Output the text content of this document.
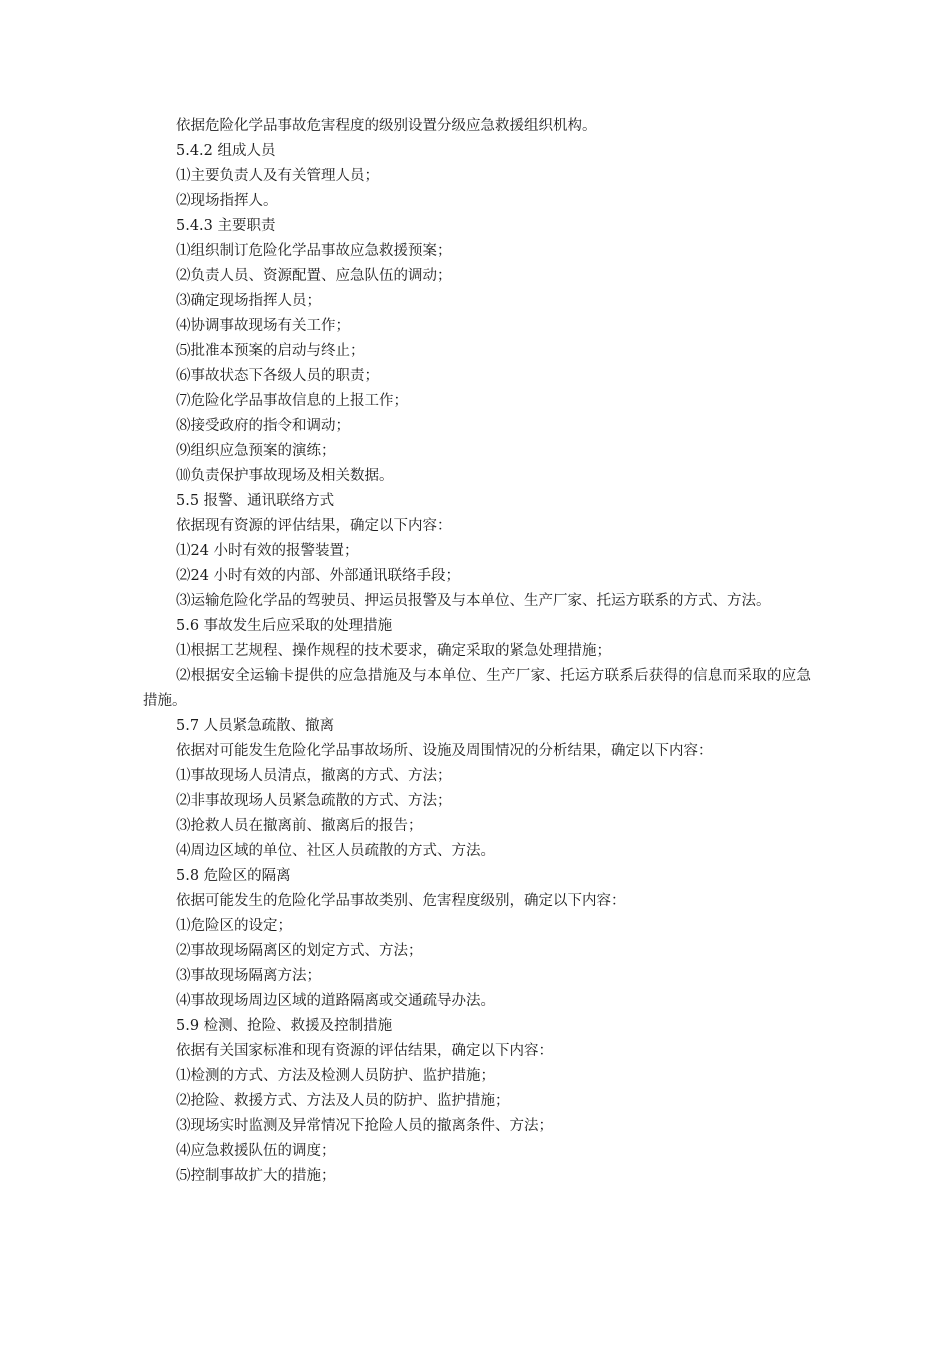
依据危险化学品事故危害程度的级别设置分级应急救援组织机构。
5.4.2 组成人员
⑴主要负责人及有关管理人员；
⑵现场指挥人。
5.4.3 主要职责
⑴组织制订危险化学品事故应急救援预案；
⑵负责人员、资源配置、应急队伍的调动；
⑶确定现场指挥人员；
⑷协调事故现场有关工作；
⑸批准本预案的启动与终止；
⑹事故状态下各级人员的职责；
⑺危险化学品事故信息的上报工作；
⑻接受政府的指令和调动；
⑼组织应急预案的演练；
⑽负责保护事故现场及相关数据。
5.5 报警、通讯联络方式
依据现有资源的评估结果，确定以下内容：
⑴24 小时有效的报警装置；
⑵24 小时有效的内部、外部通讯联络手段；
⑶运输危险化学品的驾驶员、押运员报警及与本单位、生产厂家、托运方联系的方式、方法。
5.6 事故发生后应采取的处理措施
⑴根据工艺规程、操作规程的技术要求，确定采取的紧急处理措施；
⑵根据安全运输卡提供的应急措施及与本单位、生产厂家、托运方联系后获得的信息而采取的应急措施。
5.7 人员紧急疏散、撤离
依据对可能发生危险化学品事故场所、设施及周围情况的分析结果，确定以下内容：
⑴事故现场人员清点，撤离的方式、方法；
⑵非事故现场人员紧急疏散的方式、方法；
⑶抢救人员在撤离前、撤离后的报告；
⑷周边区域的单位、社区人员疏散的方式、方法。
5.8 危险区的隔离
依据可能发生的危险化学品事故类别、危害程度级别，确定以下内容：
⑴危险区的设定；
⑵事故现场隔离区的划定方式、方法；
⑶事故现场隔离方法；
⑷事故现场周边区域的道路隔离或交通疏导办法。
5.9 检测、抢险、救援及控制措施
依据有关国家标准和现有资源的评估结果，确定以下内容：
⑴检测的方式、方法及检测人员防护、监护措施；
⑵抢险、救援方式、方法及人员的防护、监护措施；
⑶现场实时监测及异常情况下抢险人员的撤离条件、方法；
⑷应急救援队伍的调度；
⑸控制事故扩大的措施；
